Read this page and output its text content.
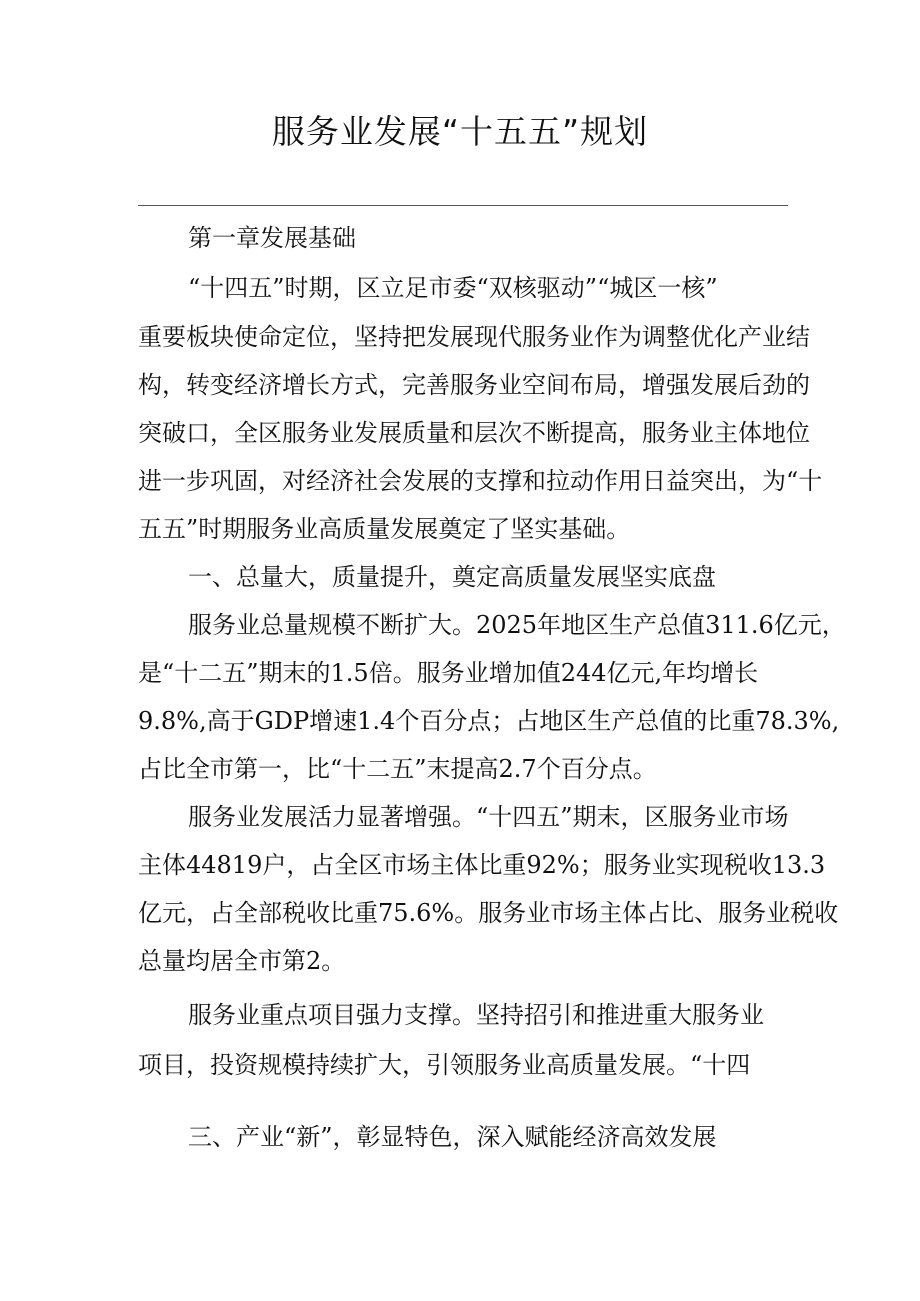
服务业发展“十五五”规划

第一章发展基础

“十四五”时期，区立足市委“双核驱动”“城区一核”

重要板块使命定位，坚持把发展现代服务业作为调整优化产业结

构，转变经济增长方式，完善服务业空间布局，增强发展后劲的

突破口，全区服务业发展质量和层次不断提高，服务业主体地位

进一步巩固，对经济社会发展的支撑和拉动作用日益突出，为“十

五五”时期服务业高质量发展奠定了坚实基础。

一、总量大，质量提升，奠定高质量发展坚实底盘

服务业总量规模不断扩大。2025年地区生产总值311.6亿元，

是“十二五”期末的1.5倍。服务业增加值244亿元,年均增长

9.8%,高于GDP增速1.4个百分点；占地区生产总值的比重78.3%,

占比全市第一，比“十二五”末提高2.7个百分点。

服务业发展活力显著增强。“十四五”期末，区服务业市场

主体44819户，占全区市场主体比重92%；服务业实现税收13.3

亿元，占全部税收比重75.6%。服务业市场主体占比、服务业税收

总量均居全市第2。

服务业重点项目强力支撑。坚持招引和推进重大服务业

项目，投资规模持续扩大，引领服务业高质量发展。“十四

三、产业“新”，彰显特色，深入赋能经济高效发展
